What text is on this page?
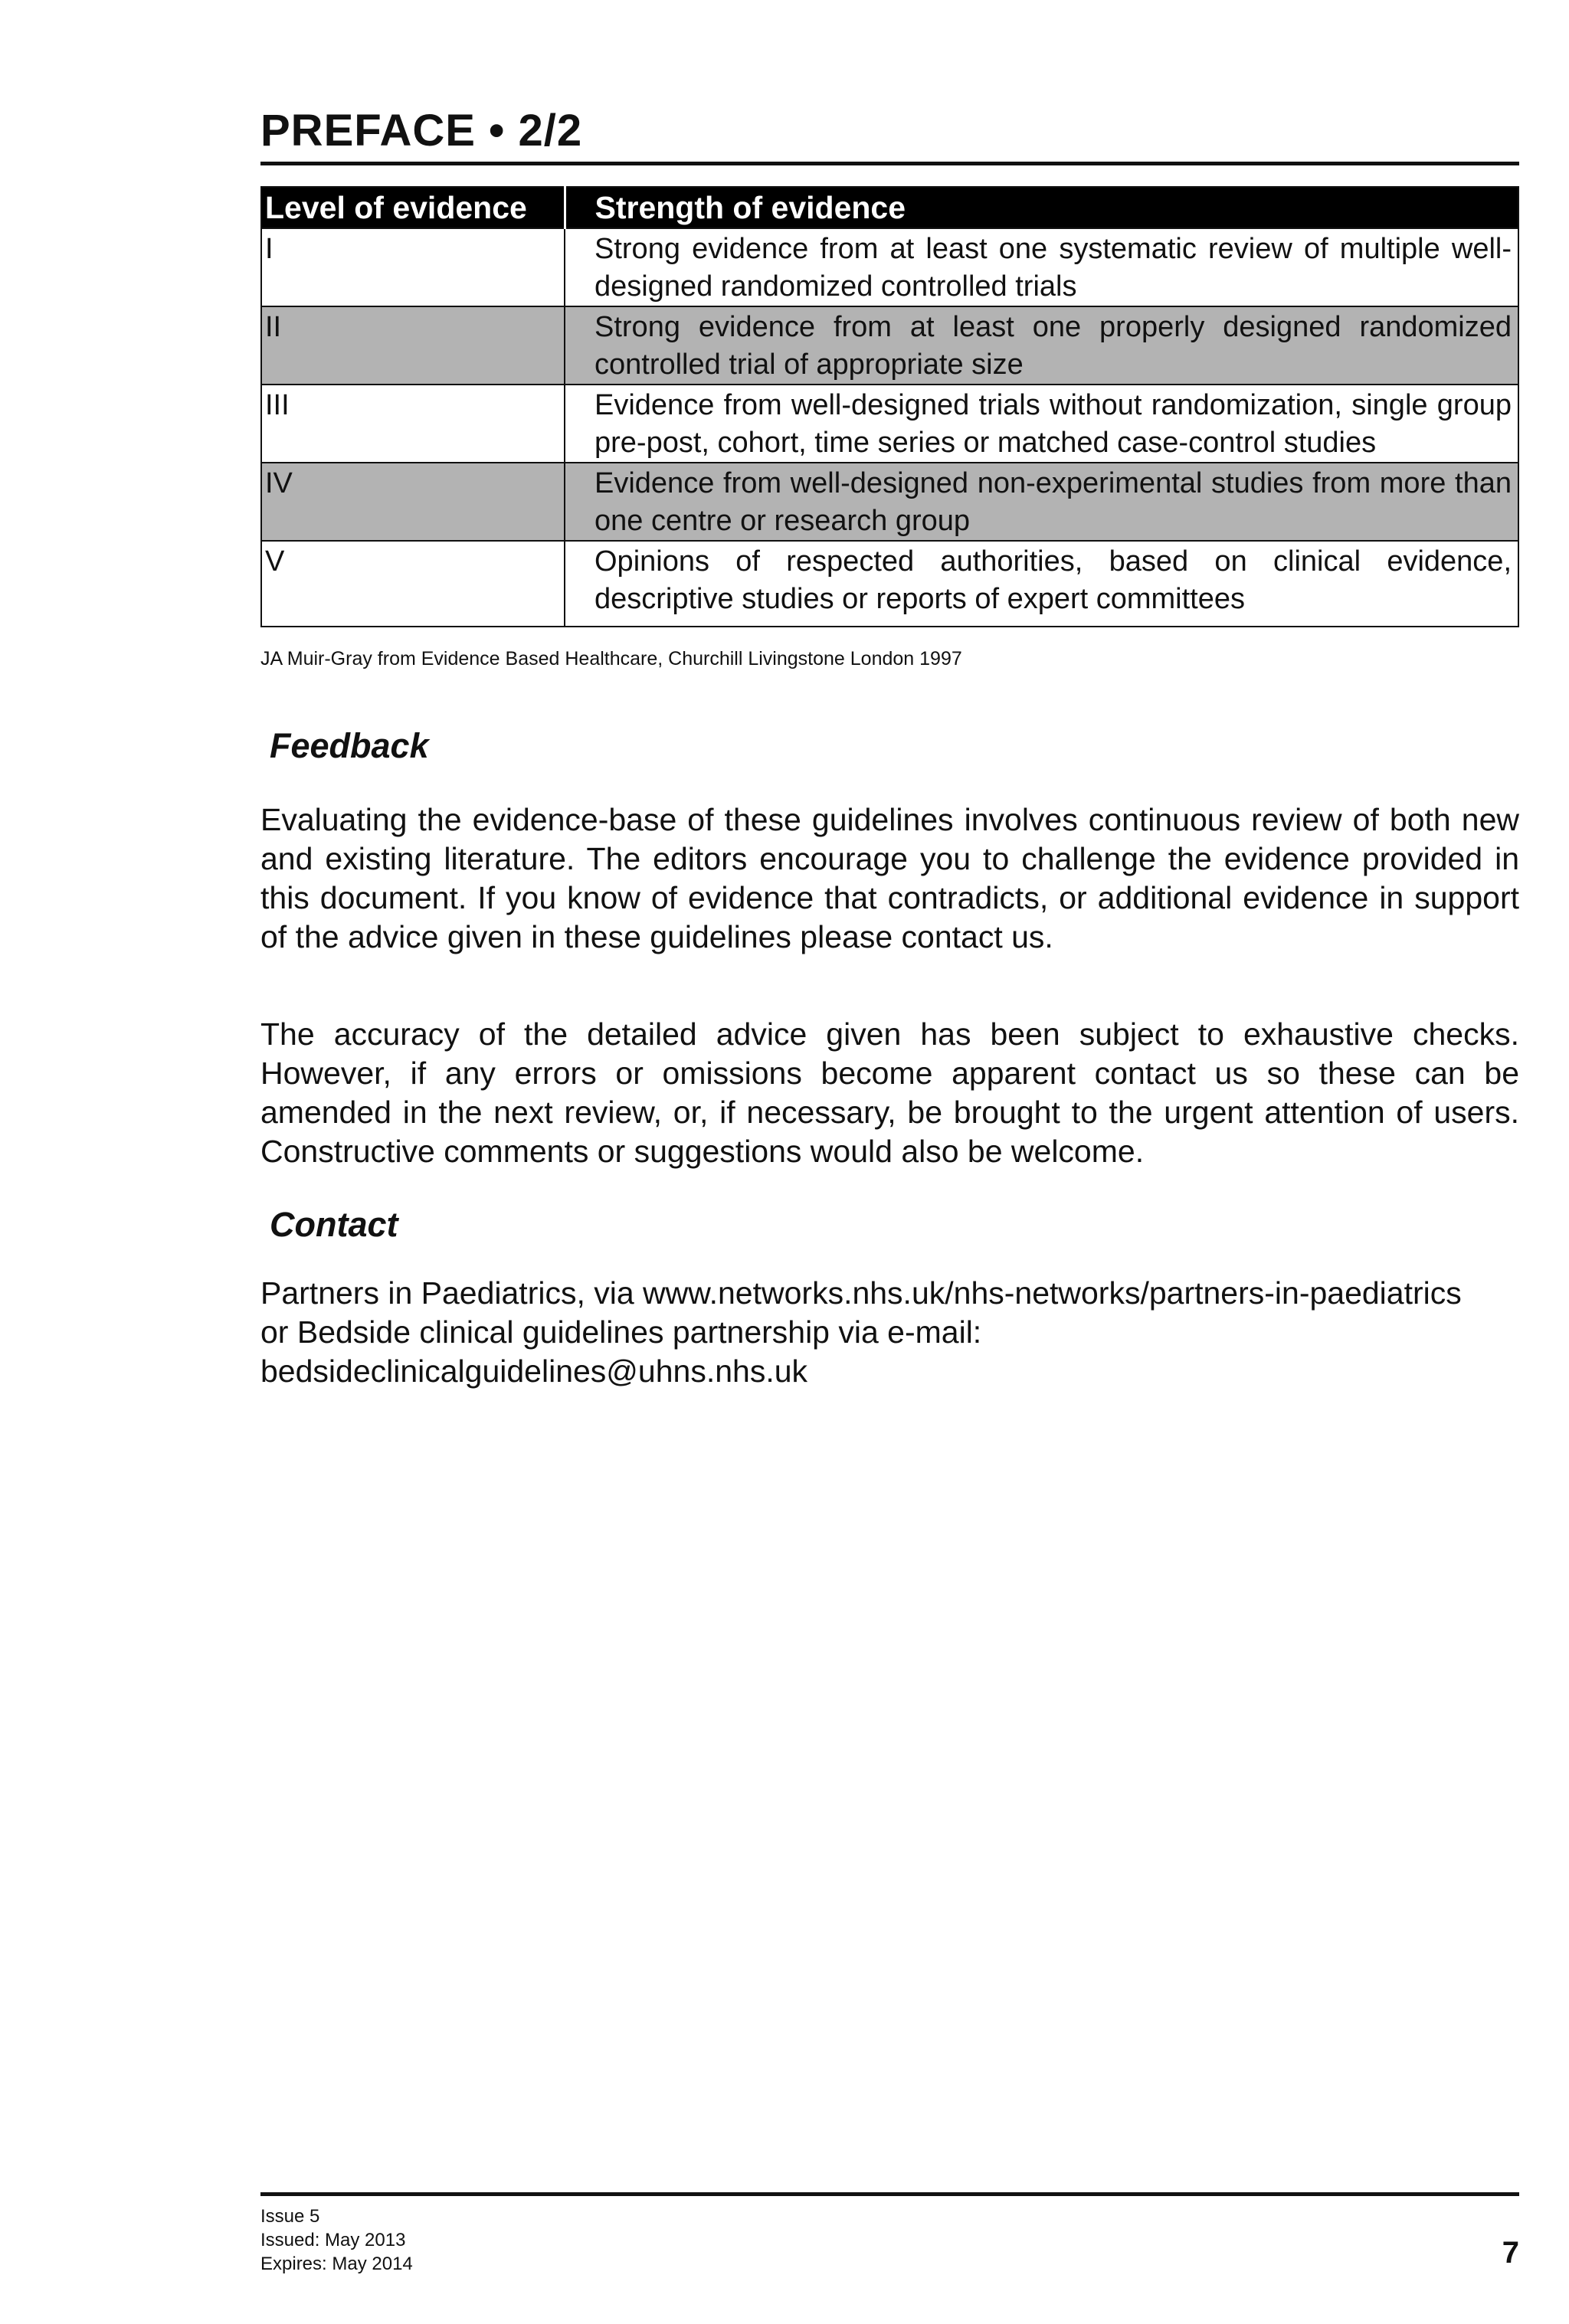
PREFACE • 2/2
Level of evidence	Strength of evidence
I	Strong evidence from at least one systematic review of multiple well-designed randomized controlled trials
II	Strong evidence from at least one properly designed randomized controlled trial of appropriate size
III	Evidence from well-designed trials without randomization, single group pre-post, cohort, time series or matched case-control studies
IV	Evidence from well-designed non-experimental studies from more than one centre or research group
V	Opinions of respected authorities, based on clinical evidence, descriptive studies or reports of expert committees
JA Muir-Gray from Evidence Based Healthcare, Churchill Livingstone London 1997
Feedback

Evaluating the evidence-base of these guidelines involves continuous review of both new and existing literature. The editors encourage you to challenge the evidence provided in this document. If you know of evidence that contradicts, or additional evidence in support of the advice given in these guidelines please contact us.

The accuracy of the detailed advice given has been subject to exhaustive checks. However, if any errors or omissions become apparent contact us so these can be amended in the next review, or, if necessary, be brought to the urgent attention of users. Constructive comments or suggestions would also be welcome.

Contact
Partners in Paediatrics, via www.networks.nhs.uk/nhs-networks/partners-in-paediatrics
or Bedside clinical guidelines partnership via e-mail:
bedsideclinicalguidelines@uhns.nhs.uk
Issue 5
Issued: May 2013
Expires: May 2014	7
